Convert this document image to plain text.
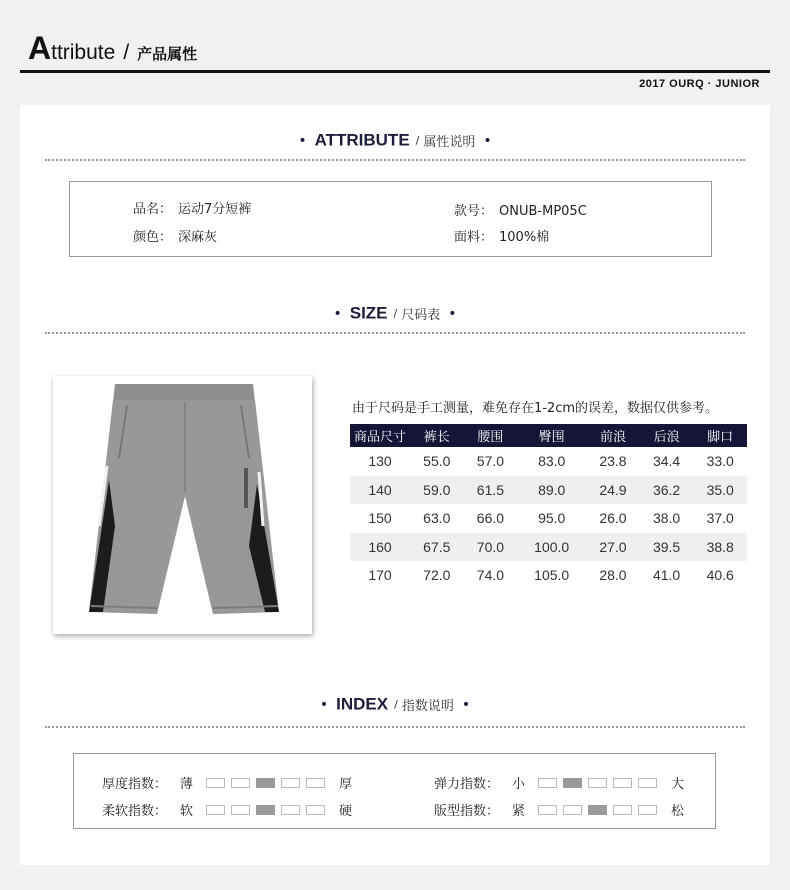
A ttribute / 产品属性
2017 OURQ · JUNIOR
• ATTRIBUTE / 属性说明 •
品名： 运动7分短裤	款号： ONUB-MP05C
颜色： 深麻灰	面料： 100%棉
• SIZE / 尺码表 •
由于尺码是手工测量，难免存在1-2cm的误差，数据仅供参考。
商品尺寸	裤长	腰围	臀围	前浪	后浪	脚口
130	55.0	57.0	83.0	23.8	34.4	33.0
140	59.0	61.5	89.0	24.9	36.2	35.0
150	63.0	66.0	95.0	26.0	38.0	37.0
160	67.5	70.0	100.0	27.0	39.5	38.8
170	72.0	74.0	105.0	28.0	41.0	40.6
• INDEX / 指数说明 •
厚度指数： 薄	厚	弹力指数： 小	大
柔软指数： 软	硬	版型指数： 紧	松
